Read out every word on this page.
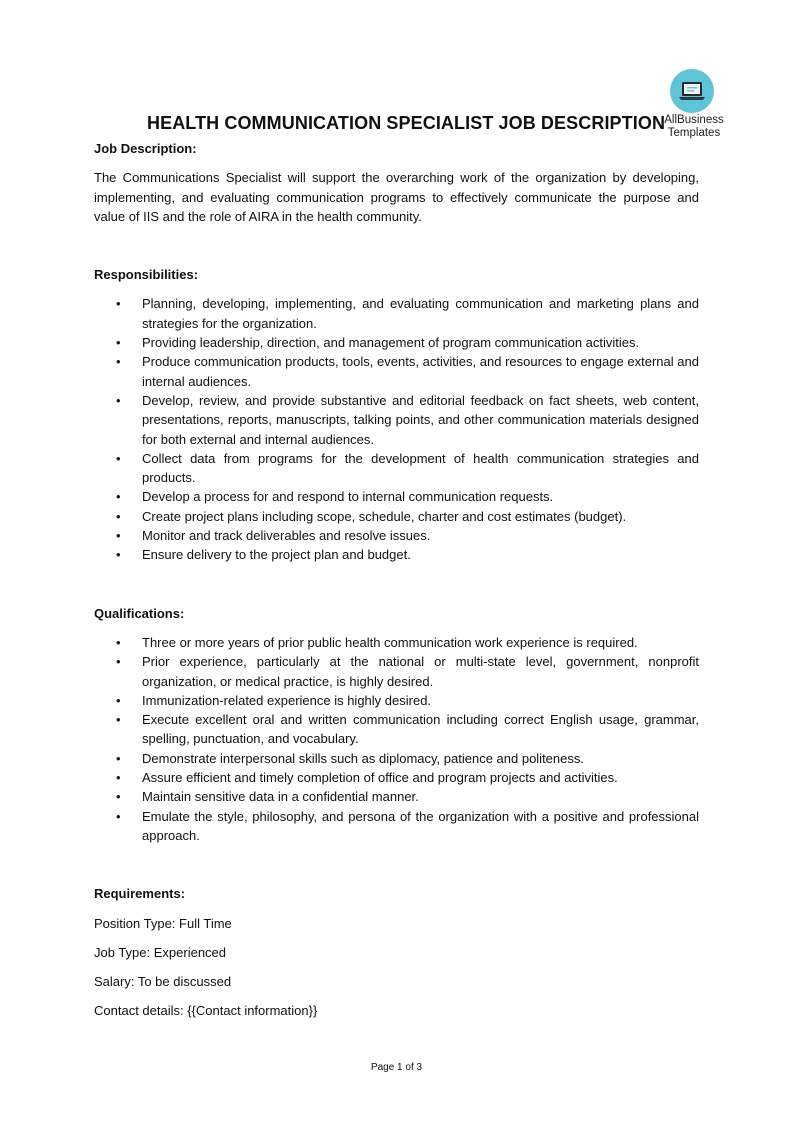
AllBusiness
Templates
HEALTH COMMUNICATION SPECIALIST JOB DESCRIPTION

Job Description:

The Communications Specialist will support the overarching work of the organization by developing, implementing, and evaluating communication programs to effectively communicate the purpose and value of IIS and the role of AIRA in the health community.

Responsibilities:

• Planning, developing, implementing, and evaluating communication and marketing plans and strategies for the organization.
• Providing leadership, direction, and management of program communication activities.
• Produce communication products, tools, events, activities, and resources to engage external and internal audiences.
• Develop, review, and provide substantive and editorial feedback on fact sheets, web content, presentations, reports, manuscripts, talking points, and other communication materials designed for both external and internal audiences.
• Collect data from programs for the development of health communication strategies and products.
• Develop a process for and respond to internal communication requests.
• Create project plans including scope, schedule, charter and cost estimates (budget).
• Monitor and track deliverables and resolve issues.
• Ensure delivery to the project plan and budget.

Qualifications:

• Three or more years of prior public health communication work experience is required.
• Prior experience, particularly at the national or multi-state level, government, nonprofit organization, or medical practice, is highly desired.
• Immunization-related experience is highly desired.
• Execute excellent oral and written communication including correct English usage, grammar, spelling, punctuation, and vocabulary.
• Demonstrate interpersonal skills such as diplomacy, patience and politeness.
• Assure efficient and timely completion of office and program projects and activities.
• Maintain sensitive data in a confidential manner.
• Emulate the style, philosophy, and persona of the organization with a positive and professional approach.

Requirements:

Position Type: Full Time

Job Type: Experienced

Salary: To be discussed

Contact details: {{Contact information}}

Page 1 of 3
